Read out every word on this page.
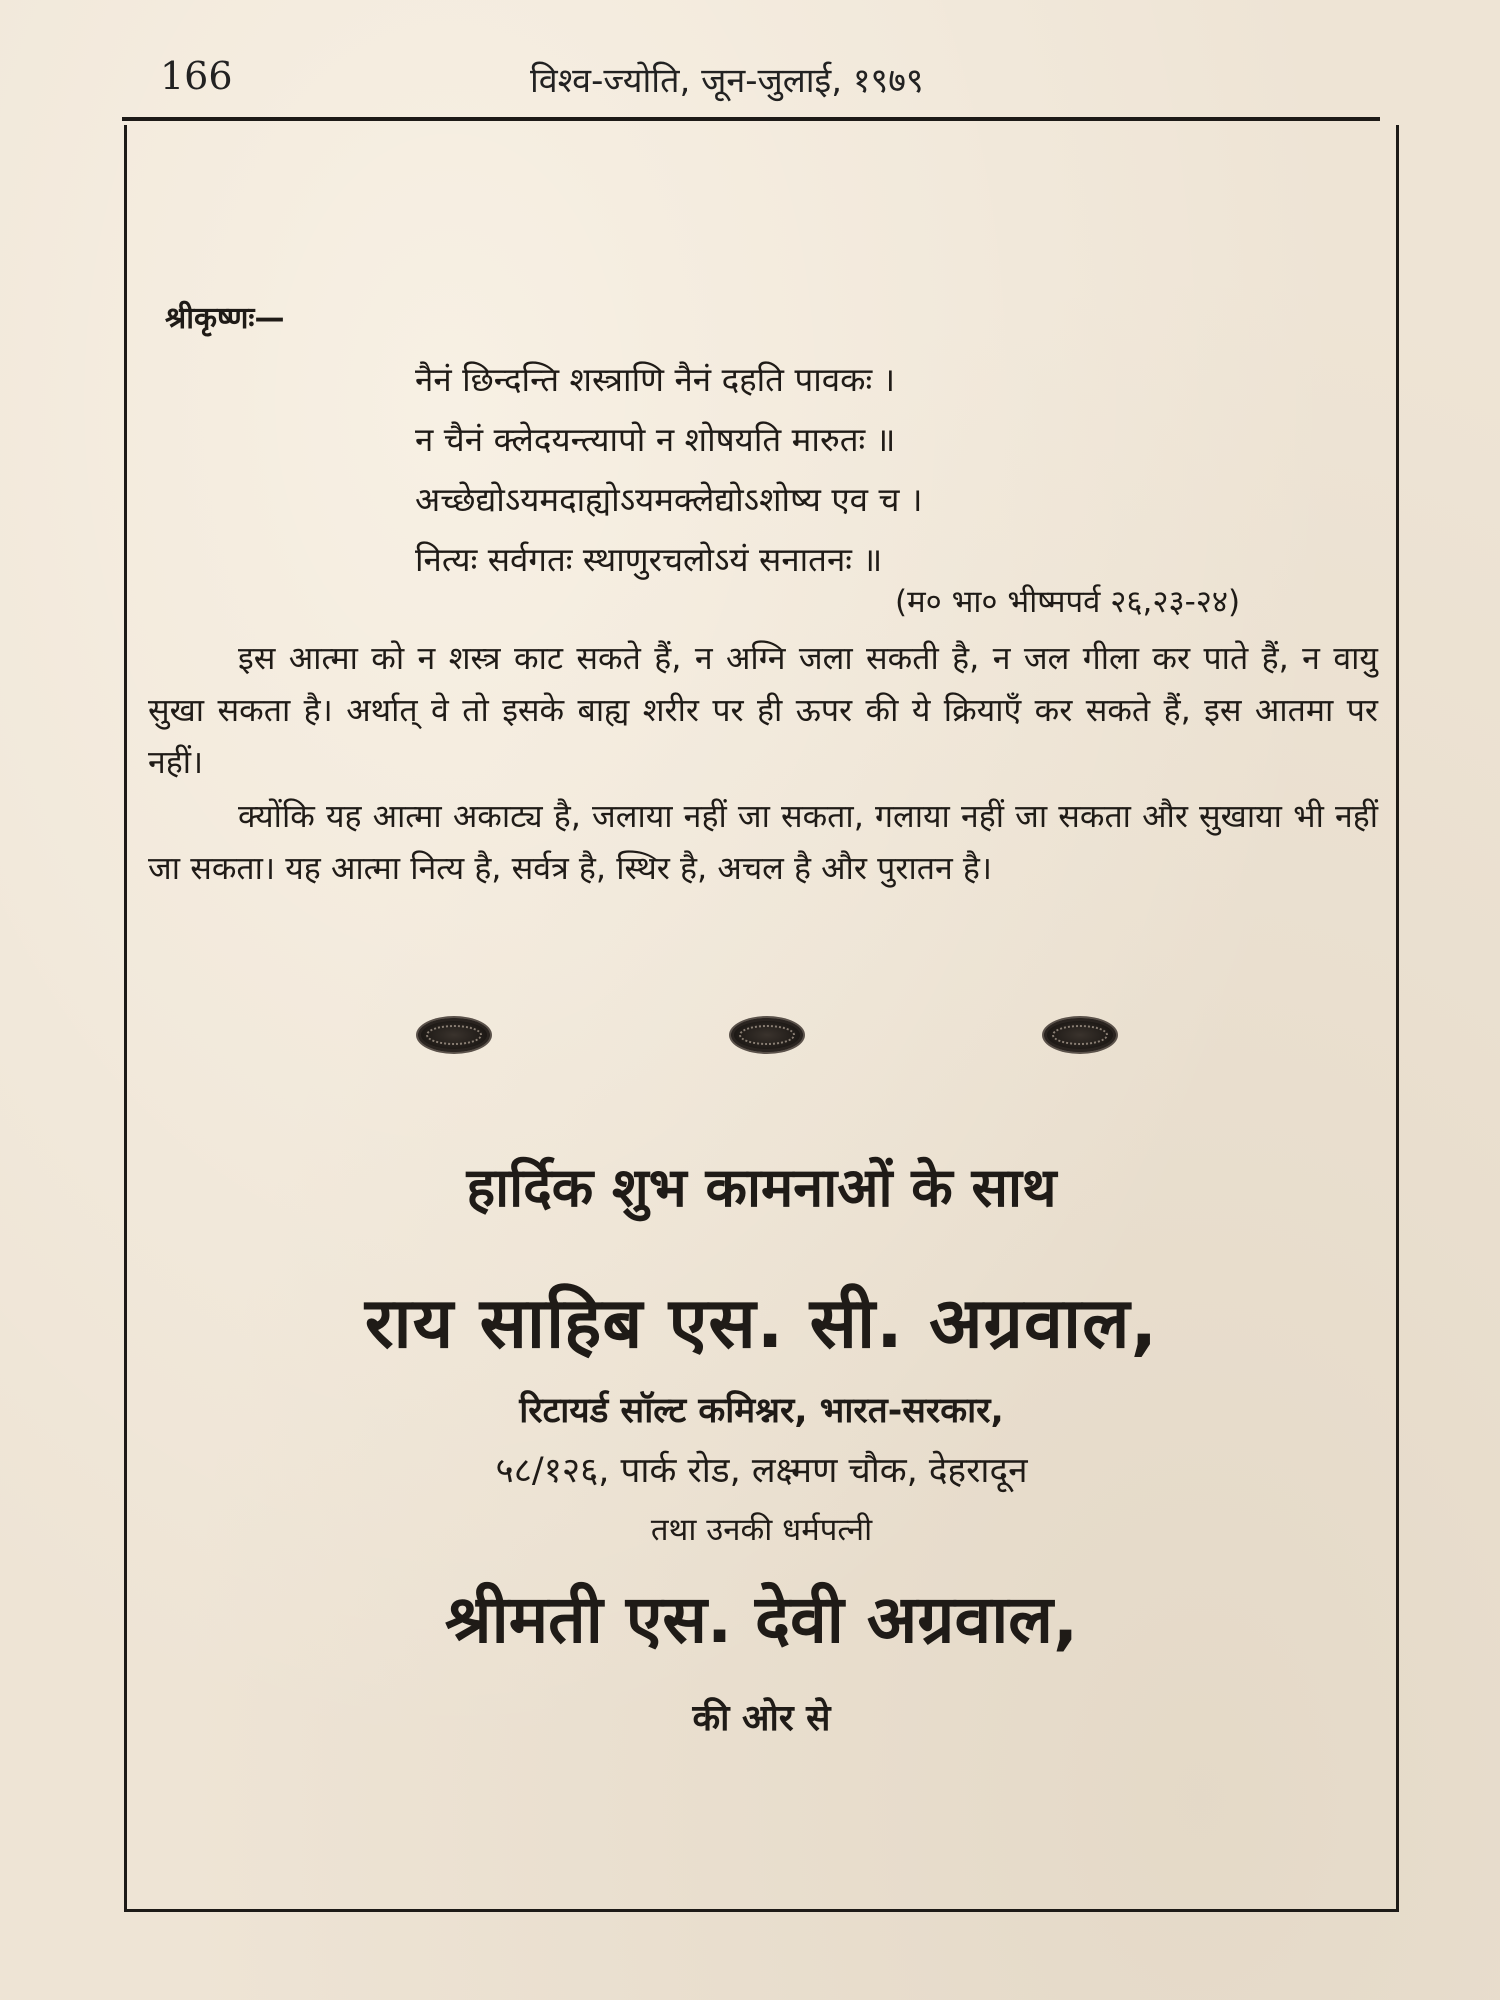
166	विश्व-ज्योति, जून-जुलाई, १९७९
श्रीकृष्णः—
नैनं छिन्दन्ति शस्त्राणि नैनं दहति पावकः ।
न चैनं क्लेदयन्त्यापो न शोषयति मारुतः ॥
अच्छेद्योऽयमदाह्योऽयमक्लेद्योऽशोष्य एव च ।
नित्यः सर्वगतः स्थाणुरचलोऽयं सनातनः ॥
(म० भा० भीष्मपर्व २६,२३-२४)
इस आत्मा को न शस्त्र काट सकते हैं, न अग्नि जला सकती है, न जल गीला कर पाते हैं, न वायु सुखा सकता है। अर्थात् वे तो इसके बाह्य शरीर पर ही ऊपर की ये क्रियाएँ कर सकते हैं, इस आतमा पर नहीं।
क्योंकि यह आत्मा अकाट्य है, जलाया नहीं जा सकता, गलाया नहीं जा सकता और सुखाया भी नहीं जा सकता। यह आत्मा नित्य है, सर्वत्र है, स्थिर है, अचल है और पुरातन है।
हार्दिक शुभ कामनाओं के साथ
राय साहिब एस. सी. अग्रवाल,
रिटायर्ड सॉल्ट कमिश्नर, भारत-सरकार,
५८/१२६, पार्क रोड, लक्ष्मण चौक, देहरादून
तथा उनकी धर्मपत्नी
श्रीमती एस. देवी अग्रवाल,
की ओर से
